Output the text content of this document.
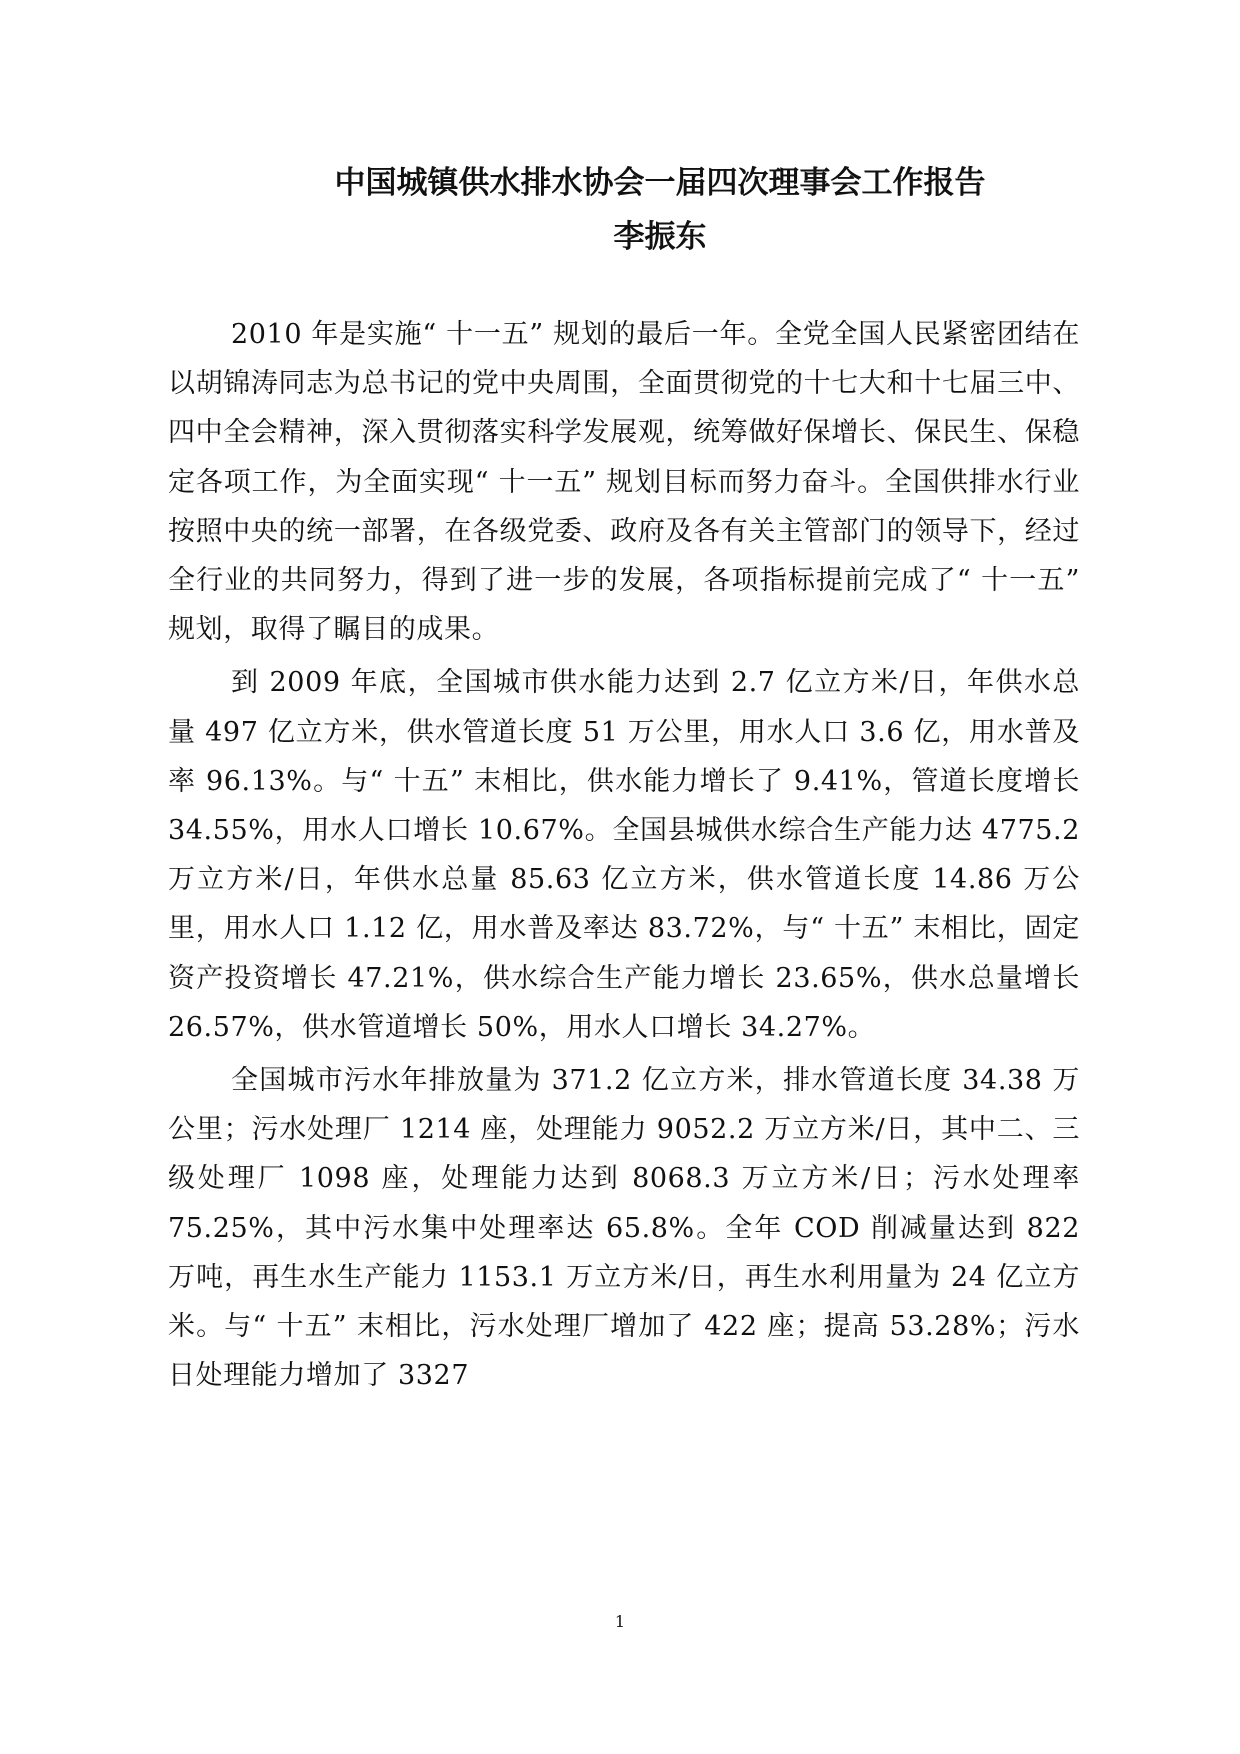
中国城镇供水排水协会一届四次理事会工作报告
李振东

2010 年是实施“ 十一五” 规划的最后一年。全党全国人民紧密团结在以胡锦涛同志为总书记的党中央周围，全面贯彻党的十七大和十七届三中、四中全会精神，深入贯彻落实科学发展观，统筹做好保增长、保民生、保稳定各项工作，为全面实现“ 十一五” 规划目标而努力奋斗。全国供排水行业按照中央的统一部署，在各级党委、政府及各有关主管部门的领导下，经过全行业的共同努力，得到了进一步的发展，各项指标提前完成了“ 十一五” 规划，取得了瞩目的成果。

到 2009 年底，全国城市供水能力达到 2.7 亿立方米/日，年供水总量 497 亿立方米，供水管道长度 51 万公里，用水人口 3.6 亿，用水普及率 96.13%。与“ 十五” 末相比，供水能力增长了 9.41%，管道长度增长 34.55%，用水人口增长 10.67%。全国县城供水综合生产能力达 4775.2 万立方米/日，年供水总量 85.63 亿立方米，供水管道长度 14.86 万公里，用水人口 1.12 亿，用水普及率达 83.72%，与“ 十五” 末相比，固定资产投资增长 47.21%，供水综合生产能力增长 23.65%，供水总量增长 26.57%，供水管道增长 50%，用水人口增长 34.27%。

全国城市污水年排放量为 371.2 亿立方米，排水管道长度 34.38 万公里；污水处理厂 1214 座，处理能力 9052.2 万立方米/日，其中二、三级处理厂 1098 座，处理能力达到 8068.3 万立方米/日；污水处理率 75.25%，其中污水集中处理率达 65.8%。全年 COD 削减量达到 822 万吨，再生水生产能力 1153.1 万立方米/日，再生水利用量为 24 亿立方米。与“ 十五” 末相比，污水处理厂增加了 422 座；提高 53.28%；污水日处理能力增加了 3327

1
